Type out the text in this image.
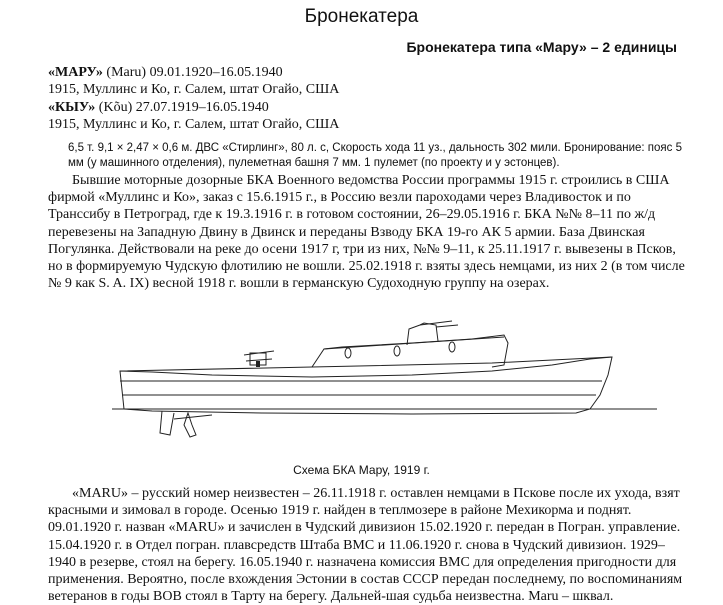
Бронекатера
Бронекатера типа «Мару» – 2 единицы
«МАРУ» (Maru) 09.01.1920–16.05.1940
1915, Муллинс и Ко, г. Салем, штат Огайо, США
«КЫУ» (Kõu) 27.07.1919–16.05.1940
1915, Муллинс и Ко, г. Салем, штат Огайо, США
6,5 т. 9,1 × 2,47 × 0,6 м. ДВС «Стирлинг», 80 л. с, Скорость хода 11 уз., дальность 302 мили. Бронирование: пояс 5 мм (у машинного отделения), пулеметная башня 7 мм. 1 пулемет (по проекту и у эстонцев).

Бывшие моторные дозорные БКА Военного ведомства России программы 1915 г. строились в США фирмой «Муллинс и Ко», заказ с 15.6.1915 г., в Россию везли пароходами через Владивосток и по Транссибу в Петроград, где к 19.3.1916 г. в готовом состоянии, 26–29.05.1916 г. БКА №№ 8–11 по ж/д перевезены на Западную Двину в Двинск и переданы Взводу БКА 19-го АК 5 армии. База Двинская Погулянка. Действовали на реке до осени 1917 г, три из них, №№ 9–11, к 25.11.1917 г. вывезены в Псков, но в формируемую Чудскую флотилию не вошли. 25.02.1918 г. взяты здесь немцами, из них 2 (в том числе № 9 как S. A. IX) весной 1918 г. вошли в германскую Судоходную группу на озерах.

Схема БКА Мару, 1919 г.

«MARU» – русский номер неизвестен – 26.11.1918 г. оставлен немцами в Пскове после их ухода, взят красными и зимовал в городе. Осенью 1919 г. найден в теплмозере в районе Мехикорма и поднят. 09.01.1920 г. назван «MARU» и зачислен в Чудский дивизион 15.02.1920 г. передан в Погран. управление. 15.04.1920 г. в Отдел погран. плавсредств Штаба ВМС и 11.06.1920 г. снова в Чудский дивизион. 1929–1940 в резерве, стоял на берегу. 16.05.1940 г. назначена комиссия ВМС для определения пригодности для применения. Вероятно, после вхождения Эстонии в состав СССР передан последнему, по воспоминаниям ветеранов в годы ВОВ стоял в Тарту на берегу. Дальней-шая судьба неизвестна. Maru – шквал.
